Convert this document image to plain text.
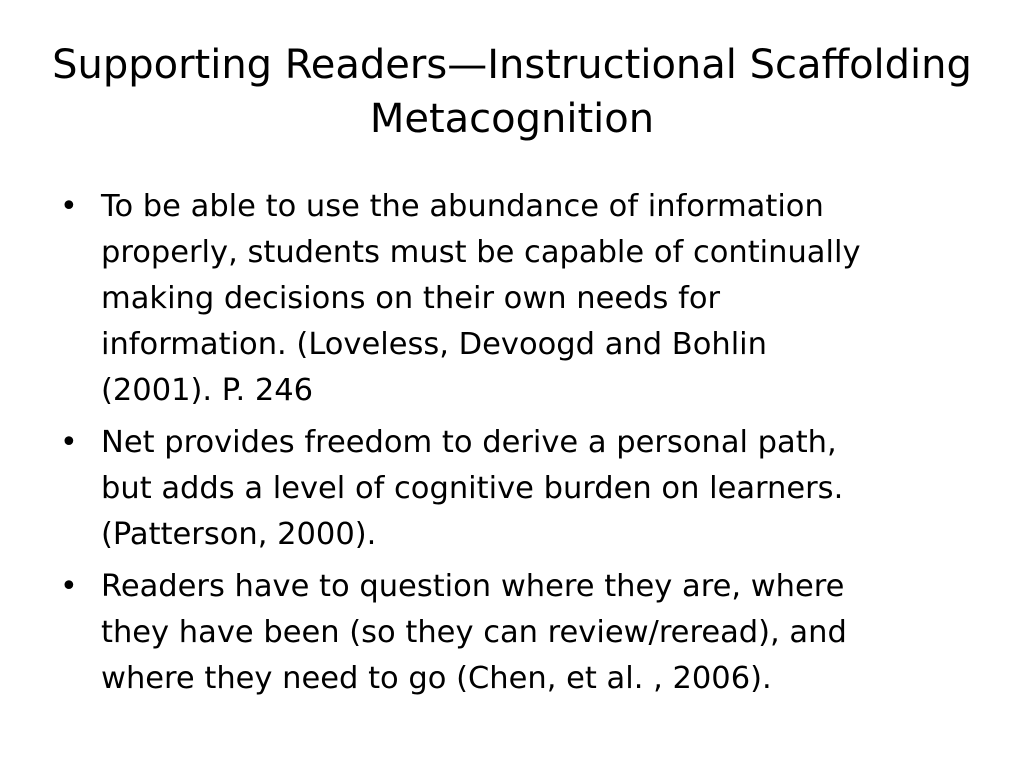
Supporting Readers—Instructional Scaffolding
Metacognition
• To be able to use the abundance of information
properly, students must be capable of continually
making decisions on their own needs for
information. (Loveless, Devoogd and Bohlin
(2001). P. 246
• Net provides freedom to derive a personal path,
but adds a level of cognitive burden on learners.
(Patterson, 2000).
• Readers have to question where they are, where
they have been (so they can review/reread), and
where they need to go (Chen, et al. , 2006).
